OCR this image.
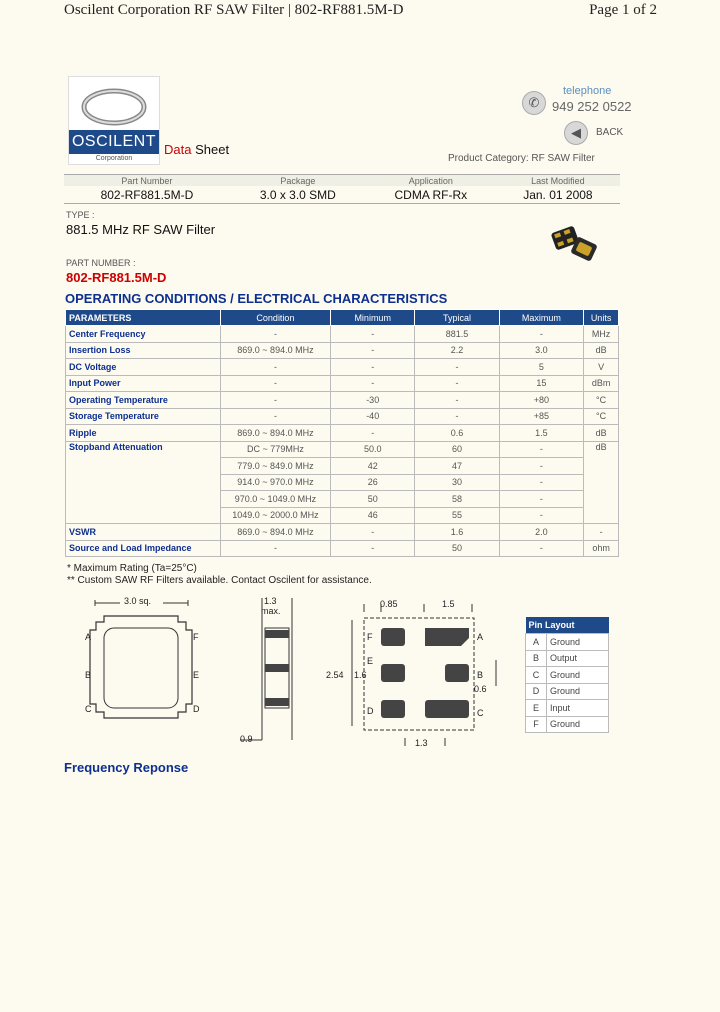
Oscilent Corporation RF SAW Filter | 802-RF881.5M-D	Page 1 of 2
OSCILENT
Corporation
Data Sheet
✆
telephone
949 252 0522
◀	BACK
Product Category: RF SAW Filter
Part Number	Package	Application	Last Modified
802-RF881.5M-D	3.0 x 3.0 SMD	CDMA RF-Rx	Jan. 01 2008
TYPE :
881.5 MHz RF SAW Filter
PART NUMBER :
802-RF881.5M-D
OPERATING CONDITIONS / ELECTRICAL CHARACTERISTICS
PARAMETERS	Condition	Minimum	Typical	Maximum	Units
Center Frequency	-	-	881.5	-	MHz
Insertion Loss	869.0 ~ 894.0 MHz	-	2.2	3.0	dB
DC Voltage	-	-	-	5	V
Input Power	-	-	-	15	dBm
Operating Temperature	-	-30	-	+80	°C
Storage Temperature	-	-40	-	+85	°C
Ripple	869.0 ~ 894.0 MHz	-	0.6	1.5	dB
Stopband Attenuation	DC ~ 779MHz	50.0	60	-	dB
	779.0 ~ 849.0 MHz	42	47	-	
	914.0 ~ 970.0 MHz	26	30	-	
	970.0 ~ 1049.0 MHz	50	58	-	
	1049.0 ~ 2000.0 MHz	46	55	-	
VSWR	869.0 ~ 894.0 MHz	-	1.6	2.0	-
Source and Load Impedance	-	-	50	-	ohm
* Maximum Rating (Ta=25°C)
** Custom SAW RF Filters available. Contact Oscilent for assistance.
3.0 sq.
A
B
C
F
E
D
1.3
max.
0.9
0.85	1.5
2.54 1.6
0.6
1.3
F
E
D
A
B
C
Pin Layout	
A	Ground
B	Output
C	Ground
D	Ground
E	Input
F	Ground
Frequency Reponse
